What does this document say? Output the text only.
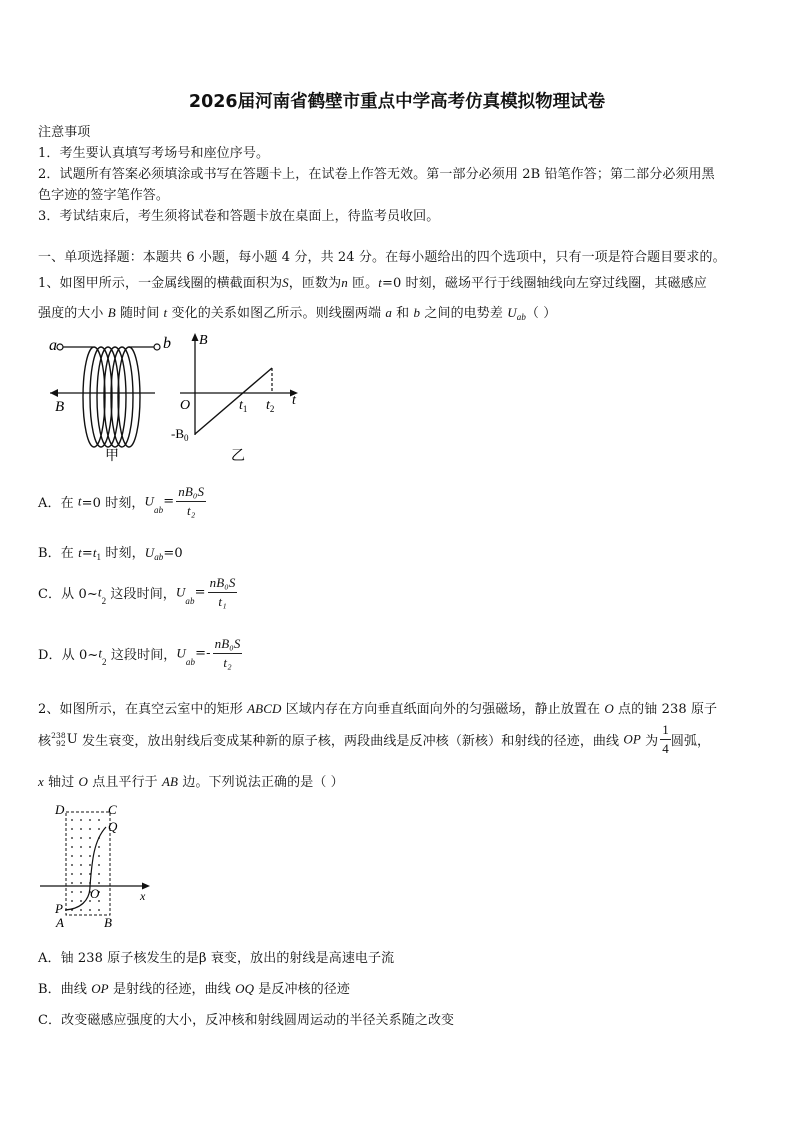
2026届河南省鹤壁市重点中学高考仿真模拟物理试卷
注意事项
1．考生要认真填写考场号和座位序号。
2．试题所有答案必须填涂或书写在答题卡上，在试卷上作答无效。第一部分必须用 2B 铅笔作答；第二部分必须用黑
色字迹的签字笔作答。
3．考试结束后，考生须将试卷和答题卡放在桌面上，待监考员收回。
一、单项选择题：本题共 6 小题，每小题 4 分，共 24 分。在每小题给出的四个选项中，只有一项是符合题目要求的。
1、如图甲所示，一金属线圈的横截面积为S，匝数为n 匝。t=0 时刻，磁场平行于线圈轴线向左穿过线圈，其磁感应
强度的大小 B 随时间 t 变化的关系如图乙所示。则线圈两端 a 和 b 之间的电势差 $U_{ab}$（ ）
a	b
B
甲
B
O	$t_1$ $t_2$
t
$-B_0$
乙
A．在 t=0 时刻，$U_{ab}= \frac{\text{nB₀S}}{\text{t₂}}$
B．在 $t=t_1$ 时刻，$U_{ab}=0$
C．从 $0\sim t_2$ 这段时间，$U_{ab}= \frac{\text{nB₀S}}{\text{t₁}}$
D．从 $0\sim t_2$ 这段时间，$U_{ab}=- \frac{\text{nB₀S}}{\text{t₂}}$
2、如图所示，在真空云室中的矩形 ABCD 区域内存在方向垂直纸面向外的匀强磁场，静止放置在 O 点的铀 238 原子
核 238
92 U 发生衰变，放出射线后变成某种新的原子核，两段曲线是反冲核（新核）和射线的径迹，曲线 OP 为 $\frac{1}{4}$ 圆弧，
x 轴过 O 点且平行于 AB 边。下列说法正确的是（ ）
D	C
Q
O	x
P
A	B
A．铀 238 原子核发生的是β 衰变，放出的射线是高速电子流
B．曲线 OP 是射线的径迹，曲线 OQ 是反冲核的径迹
C．改变磁感应强度的大小，反冲核和射线圆周运动的半径关系随之改变
